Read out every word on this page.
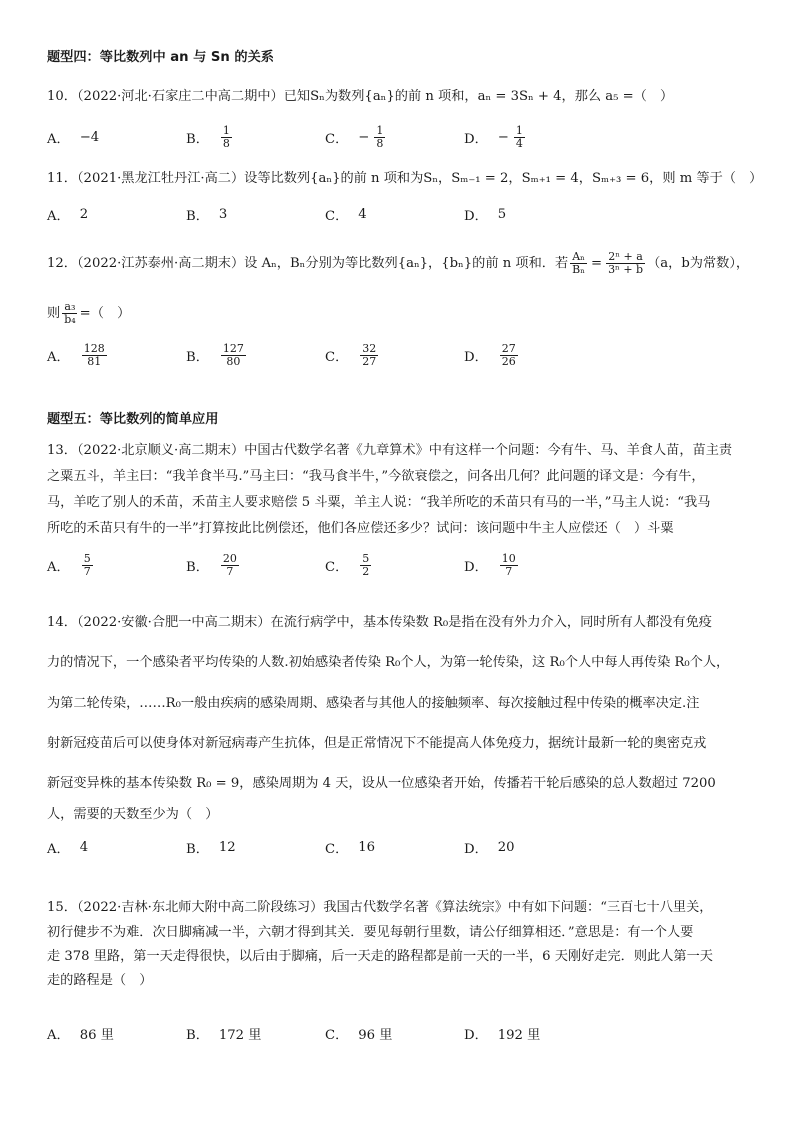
题型四：等比数列中 an 与 Sn 的关系
10．（2022·河北·石家庄二中高二期中）已知Sₙ为数列{aₙ}的前 n 项和，aₙ = 3Sₙ + 4，那么 a₅ =（　）
A． −4	B． $\frac{1}{8}$	C． − $\frac{1}{8}$	D． − $\frac{1}{4}$
11．（2021·黑龙江牡丹江·高二）设等比数列{aₙ}的前 n 项和为Sₙ，Sₘ₋₁ = 2，Sₘ₊₁ = 4，Sₘ₊₃ = 6，则 m 等于（　）
A． 2	B． 3	C． 4	D． 5
12．（2022·江苏泰州·高二期末）设 Aₙ，Bₙ分别为等比数列{aₙ}，{bₙ}的前 n 项和．若 $\frac{\text{Aₙ}}{\text{Bₙ}} = \frac{\text{2ⁿ + a}}{\text{3ⁿ + b}} (a$，b为常数），
则 $\frac{\text{a₃}}{\text{b₄}}$ =（　）
A． $\frac{128}{81}$	B． $\frac{127}{80}$	C． $\frac{32}{27}$	D． $\frac{27}{26}$
题型五：等比数列的简单应用
13．（2022·北京顺义·高二期末）中国古代数学名著《九章算术》中有这样一个问题：今有牛、马、羊食人苗，苗主责
之粟五斗，羊主曰：“我羊食半马.”马主曰：“我马食半牛，”今欲衰偿之，问各出几何？此问题的译文是：今有牛，
马，羊吃了别人的禾苗，禾苗主人要求赔偿 5 斗粟，羊主人说：“我羊所吃的禾苗只有马的一半，”马主人说：“我马
所吃的禾苗只有牛的一半”打算按此比例偿还，他们各应偿还多少？试问：该问题中牛主人应偿还（　）斗粟
A． $\frac{5}{7}$	B． $\frac{20}{7}$	C． $\frac{5}{2}$	D． $\frac{10}{7}$
14．（2022·安徽·合肥一中高二期末）在流行病学中，基本传染数 R₀是指在没有外力介入，同时所有人都没有免疫
力的情况下，一个感染者平均传染的人数.初始感染者传染 R₀个人，为第一轮传染，这 R₀个人中每人再传染 R₀个人，
为第二轮传染，……R₀一般由疾病的感染周期、感染者与其他人的接触频率、每次接触过程中传染的概率决定.注
射新冠疫苗后可以使身体对新冠病毒产生抗体，但是正常情况下不能提高人体免疫力，据统计最新一轮的奥密克戎
新冠变异株的基本传染数 R₀ = 9，感染周期为 4 天，设从一位感染者开始，传播若干轮后感染的总人数超过 7200
人，需要的天数至少为（　）
A． 4	B． 12	C． 16	D． 20
15．（2022·吉林·东北师大附中高二阶段练习）我国古代数学名著《算法统宗》中有如下问题：“三百七十八里关，
初行健步不为难．次日脚痛减一半，六朝才得到其关．要见每朝行里数，请公仔细算相还．”意思是：有一个人要
走 378 里路，第一天走得很快，以后由于脚痛，后一天走的路程都是前一天的一半，6 天刚好走完．则此人第一天
走的路程是（　）
A． 86 里	B． 172 里	C． 96 里	D． 192 里
